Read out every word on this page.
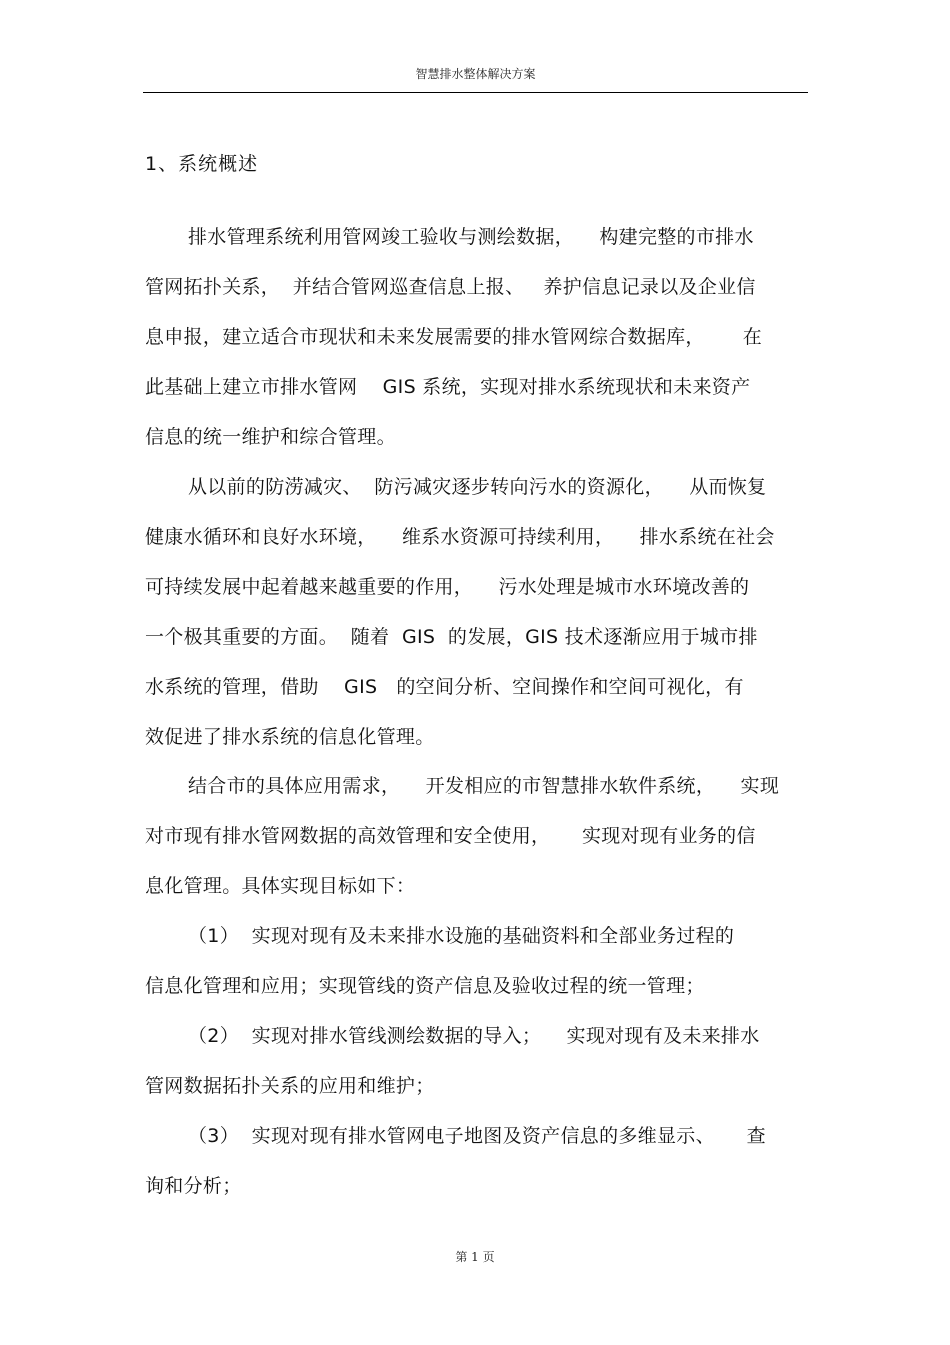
智慧排水整体解决方案
1、系统概述
排水管理系统利用管网竣工验收与测绘数据，    构建完整的市排水
管网拓扑关系，  并结合管网巡查信息上报、   养护信息记录以及企业信
息申报，建立适合市现状和未来发展需要的排水管网综合数据库，      在
此基础上建立市排水管网    GIS 系统，实现对排水系统现状和未来资产
信息的统一维护和综合管理。
从以前的防涝减灾、  防污减灾逐步转向污水的资源化，    从而恢复
健康水循环和良好水环境，    维系水资源可持续利用，    排水系统在社会
可持续发展中起着越来越重要的作用，    污水处理是城市水环境改善的
一个极其重要的方面。  随着  GIS  的发展，GIS 技术逐渐应用于城市排
水系统的管理，借助    GIS   的空间分析、空间操作和空间可视化，有
效促进了排水系统的信息化管理。
结合市的具体应用需求，    开发相应的市智慧排水软件系统，    实现
对市现有排水管网数据的高效管理和安全使用，     实现对现有业务的信
息化管理。具体实现目标如下：
（1）  实现对现有及未来排水设施的基础资料和全部业务过程的
信息化管理和应用；实现管线的资产信息及验收过程的统一管理；
（2）  实现对排水管线测绘数据的导入；    实现对现有及未来排水
管网数据拓扑关系的应用和维护；
（3）  实现对现有排水管网电子地图及资产信息的多维显示、     查
询和分析；
第 1 页
